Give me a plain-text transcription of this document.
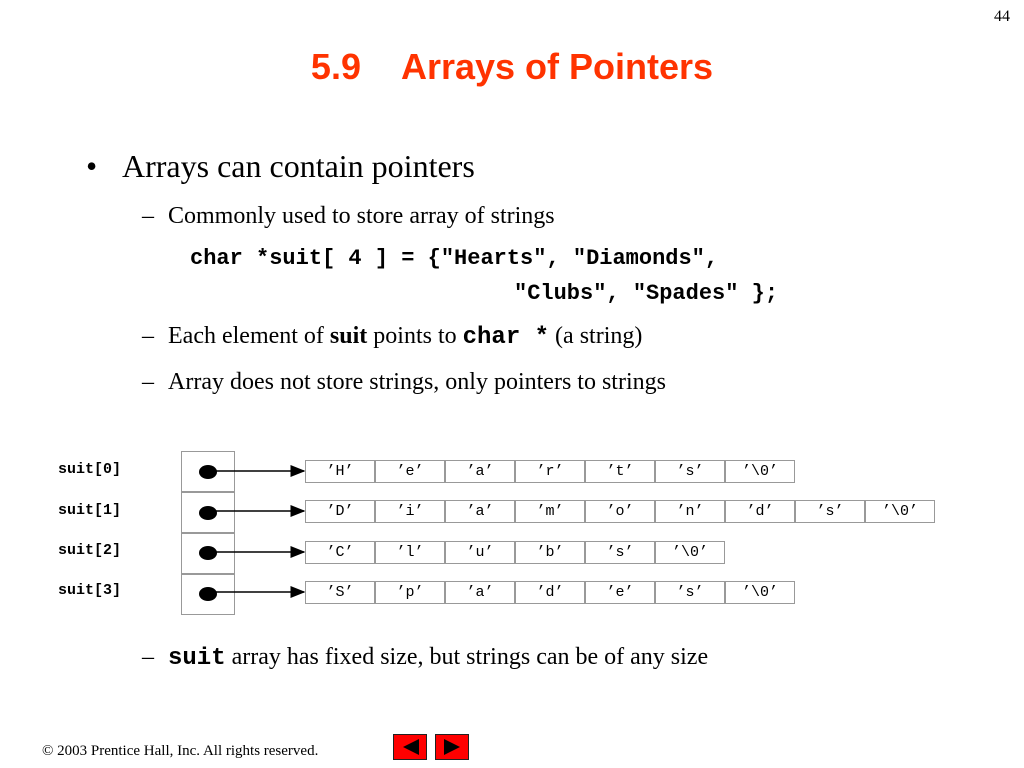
44
5.9 Arrays of Pointers
• Arrays can contain pointers
– Commonly used to store array of strings
char *suit[ 4 ] = {"Hearts", "Diamonds",
"Clubs", "Spades" };
– Each element of suit points to char * (a string)
– Array does not store strings, only pointers to strings
suit[0]
suit[1]
suit[2]
suit[3]
’H’	’e’	’a’	’r’	’t’	’s’	’\0’
’D’	’i’	’a’	’m’	’o’	’n’	’d’	’s’	’\0’
’C’	’l’	’u’	’b’	’s’	’\0’
’S’	’p’	’a’	’d’	’e’	’s’	’\0’
– suit array has fixed size, but strings can be of any size
© 2003 Prentice Hall, Inc. All rights reserved.
